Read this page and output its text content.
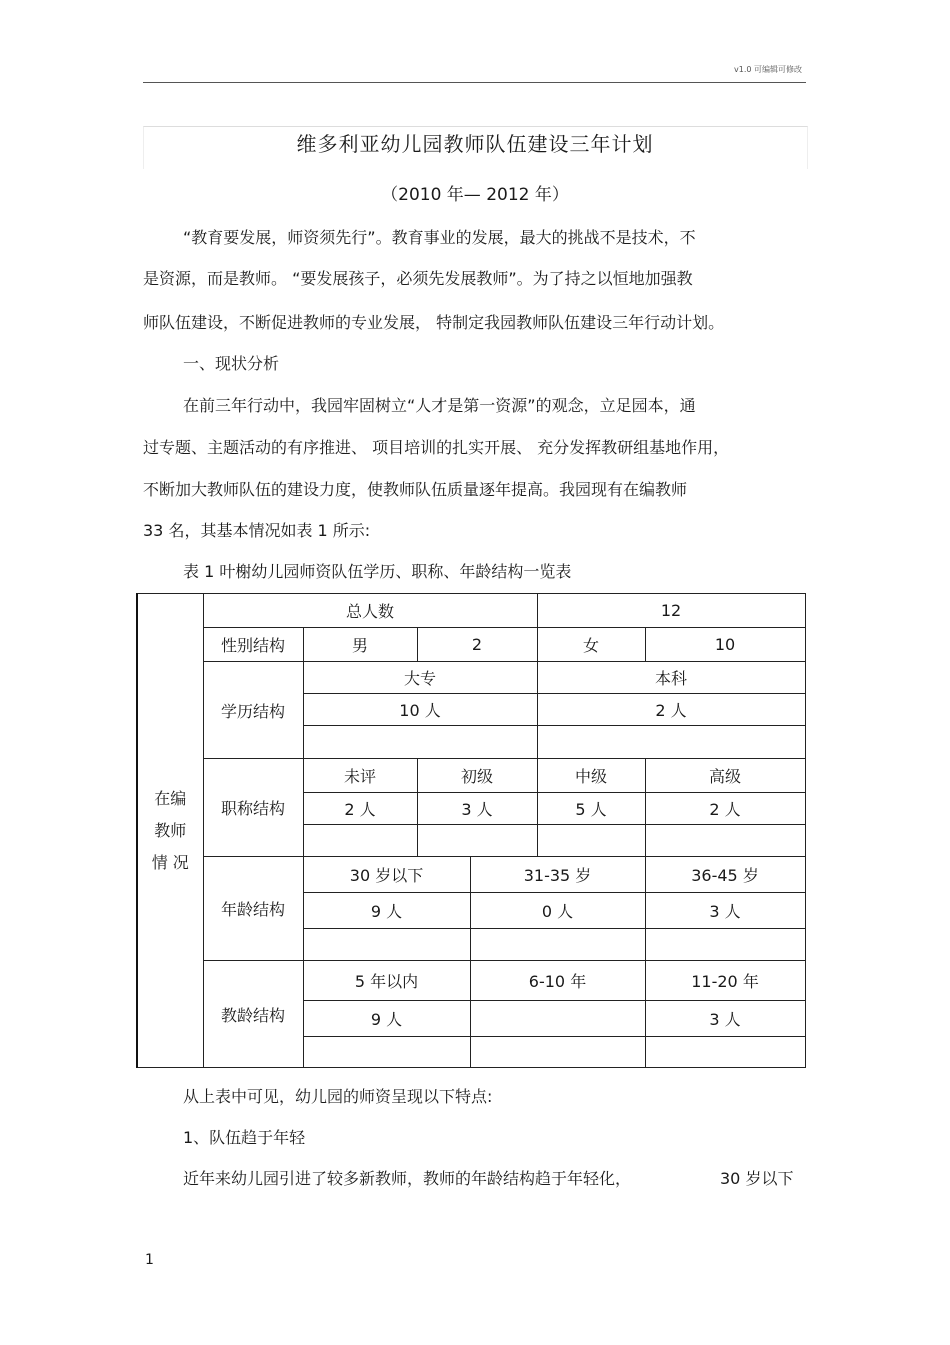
v1.0 可编辑可修改
维多利亚幼儿园教师队伍建设三年计划
（2010 年— 2012 年）
“教育要发展，师资须先行”。教育事业的发展，最大的挑战不是技术，不
是资源，而是教师。 “要发展孩子，必须先发展教师”。为了持之以恒地加强教
师队伍建设，不断促进教师的专业发展， 特制定我园教师队伍建设三年行动计划。
一、现状分析
在前三年行动中，我园牢固树立“人才是第一资源”的观念，立足园本，通
过专题、主题活动的有序推进、 项目培训的扎实开展、 充分发挥教研组基地作用，
不断加大教师队伍的建设力度，使教师队伍质量逐年提高。我园现有在编教师
33 名，其基本情况如表 1 所示:
表 1 叶榭幼儿园师资队伍学历、职称、年龄结构一览表
在编
教师
情 况	总人数				12	
	性别结构	男	2		女	10
	学历结构	大专			本科	
		10 人			2 人	

	职称结构	未评	初级		中级	高级
		2 人	3 人		5 人	2 人

	年龄结构	30 岁以下		31-35 岁		36-45 岁
		9 人		0 人		3 人

	教龄结构	5 年以内		6-10 年		11-20 年
		9 人				3 人

从上表中可见，幼儿园的师资呈现以下特点:
1、队伍趋于年轻
近年来幼儿园引进了较多新教师，教师的年龄结构趋于年轻化，	30 岁以下
1
